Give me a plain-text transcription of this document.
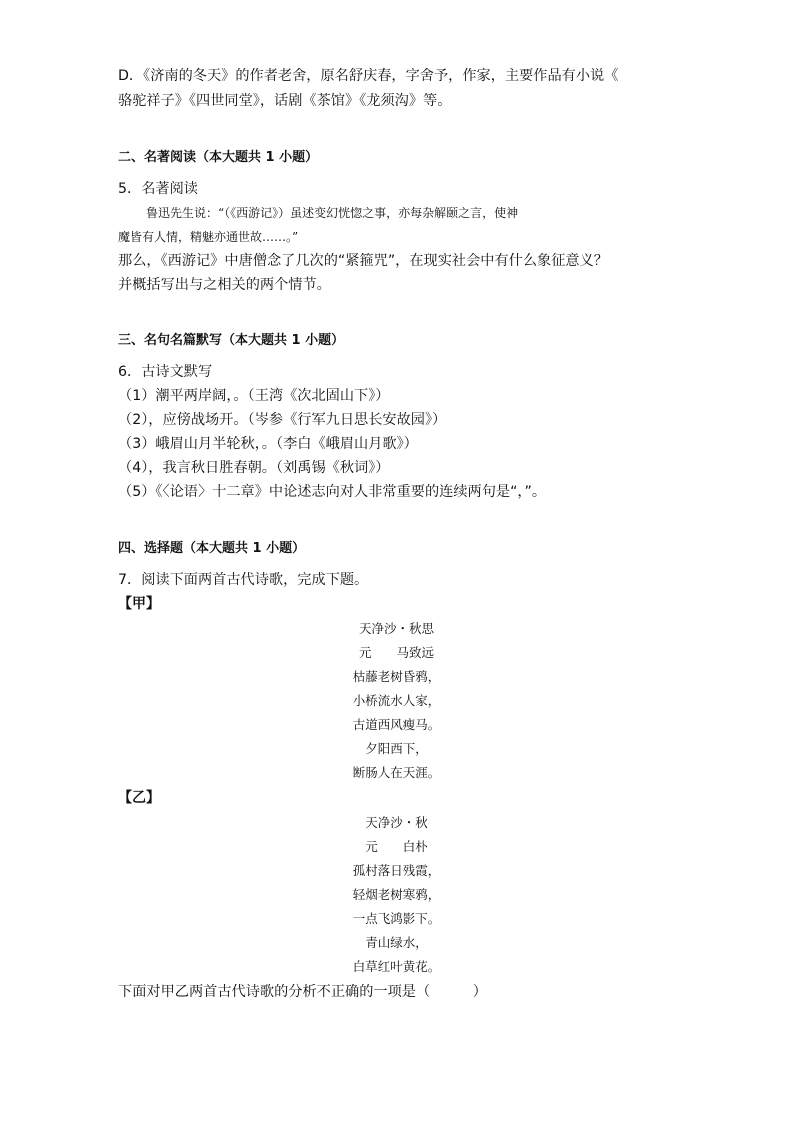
D．《济南的冬天》的作者老舍，原名舒庆春，字舍予，作家，主要作品有小说《
骆驼祥子》《四世同堂》，话剧《茶馆》《龙须沟》等。
二、名著阅读（本大题共 1 小题）
5．名著阅读
鲁迅先生说：“（《西游记》）虽述变幻恍惚之事，亦每杂解颐之言，使神
魔皆有人情，精魅亦通世故……。”
那么，《西游记》中唐僧念了几次的“紧箍咒”，在现实社会中有什么象征意义？
并概括写出与之相关的两个情节。
三、名句名篇默写（本大题共 1 小题）
6．古诗文默写
（1）潮平两岸阔，。（王湾《次北固山下》）
（2），应傍战场开。（岑参《行军九日思长安故园》）
（3）峨眉山月半轮秋，。（李白《峨眉山月歌》）
（4），我言秋日胜春朝。（刘禹锡《秋词》）
（5）《〈论语〉十二章》中论述志向对人非常重要的连续两句是“，”。
四、选择题（本大题共 1 小题）
7．阅读下面两首古代诗歌，完成下题。
【甲】
天净沙・秋思
元　　马致远
枯藤老树昏鸦，
小桥流水人家，
古道西风瘦马。
夕阳西下，
断肠人在天涯。
【乙】
天净沙・秋
元　　白朴
孤村落日残霞，
轻烟老树寒鸦，
一点飞鸿影下。
青山绿水，
白草红叶黄花。
下面对甲乙两首古代诗歌的分析不正确的一项是（　　　）
